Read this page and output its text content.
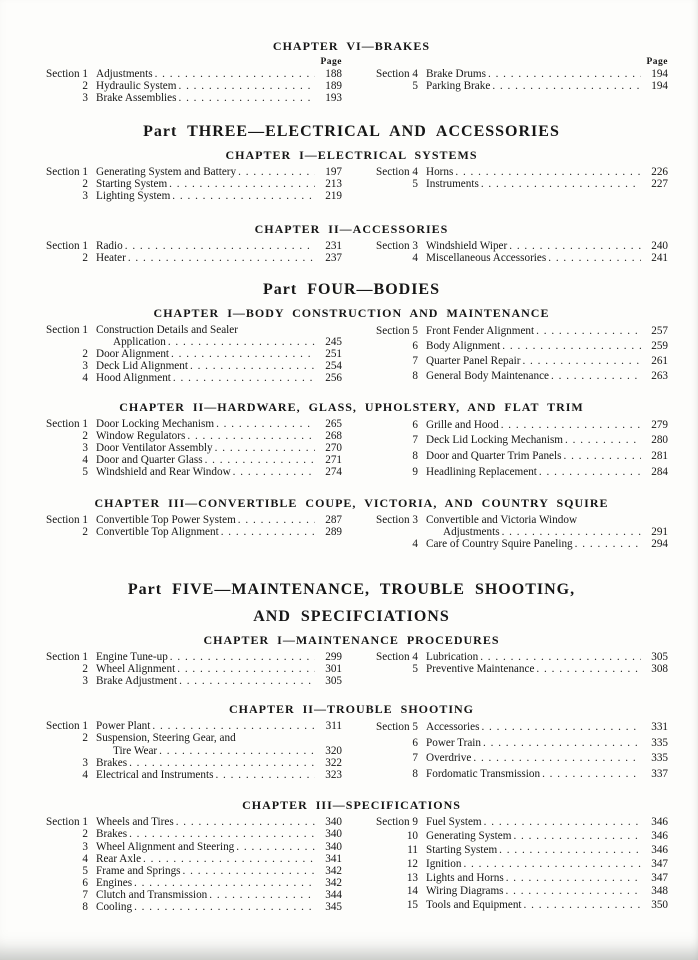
CHAPTER VI—BRAKES
Page
Section 1 Adjustments . . .	188
2 Hydraulic System . . .	189
3 Brake Assemblies . . .	193
Page
Section 4 Brake Drums . . .	194
5 Parking Brake . . .	194
Part THREE—ELECTRICAL AND ACCESSORIES
CHAPTER I—ELECTRICAL SYSTEMS
Section 1 Generating System and Battery . . .	197
2 Starting System . . .	213
3 Lighting System . . .	219
Section 4 Horns . . .	226
5 Instruments . . .	227
CHAPTER II—ACCESSORIES
Section 1 Radio . . .	231
2 Heater . . .	237
Section 3 Windshield Wiper . . .	240
4 Miscellaneous Accessories . . .	241
Part FOUR—BODIES
CHAPTER I—BODY CONSTRUCTION AND MAINTENANCE
Section 1 Construction Details and Sealer
Application . . .	245
2 Door Alignment . . .	251
3 Deck Lid Alignment . . .	254
4 Hood Alignment . . .	256
Section 5 Front Fender Alignment . . .	257
6 Body Alignment . . .	259
7 Quarter Panel Repair . . .	261
8 General Body Maintenance . . .	263
CHAPTER II—HARDWARE, GLASS, UPHOLSTERY, AND FLAT TRIM
Section 1 Door Locking Mechanism . . .	265
2 Window Regulators . . .	268
3 Door Ventilator Assembly . . .	270
4 Door and Quarter Glass . . .	271
5 Windshield and Rear Window . . .	274
6 Grille and Hood . . .	279
7 Deck Lid Locking Mechanism . . .	280
8 Door and Quarter Trim Panels . . .	281
9 Headlining Replacement . . .	284
CHAPTER III—CONVERTIBLE COUPE, VICTORIA, AND COUNTRY SQUIRE
Section 1 Convertible Top Power System . . .	287
2 Convertible Top Alignment . . .	289
Section 3 Convertible and Victoria Window
Adjustments . . .	291
4 Care of Country Squire Paneling . . .	294
Part FIVE—MAINTENANCE, TROUBLE SHOOTING,
AND SPECIFCIATIONS
CHAPTER I—MAINTENANCE PROCEDURES
Section 1 Engine Tune-up . . .	299
2 Wheel Alignment . . .	301
3 Brake Adjustment . . .	305
Section 4 Lubrication . . .	305
5 Preventive Maintenance . . .	308
CHAPTER II—TROUBLE SHOOTING
Section 1 Power Plant . . .	311
2 Suspension, Steering Gear, and
Tire Wear . . .	320
3 Brakes . . .	322
4 Electrical and Instruments . . .	323
Section 5 Accessories . . .	331
6 Power Train . . .	335
7 Overdrive . . .	335
8 Fordomatic Transmission . . .	337
CHAPTER III—SPECIFICATIONS
Section 1 Wheels and Tires . . .	340
2 Brakes . . .	340
3 Wheel Alignment and Steering . . .	340
4 Rear Axle . . .	341
5 Frame and Springs . . .	342
6 Engines . . .	342
7 Clutch and Transmission . . .	344
8 Cooling . . .	345
Section 9 Fuel System . . .	346
10 Generating System . . .	346
11 Starting System . . .	346
12 Ignition . . .	347
13 Lights and Horns . . .	347
14 Wiring Diagrams . . .	348
15 Tools and Equipment . . .	350
